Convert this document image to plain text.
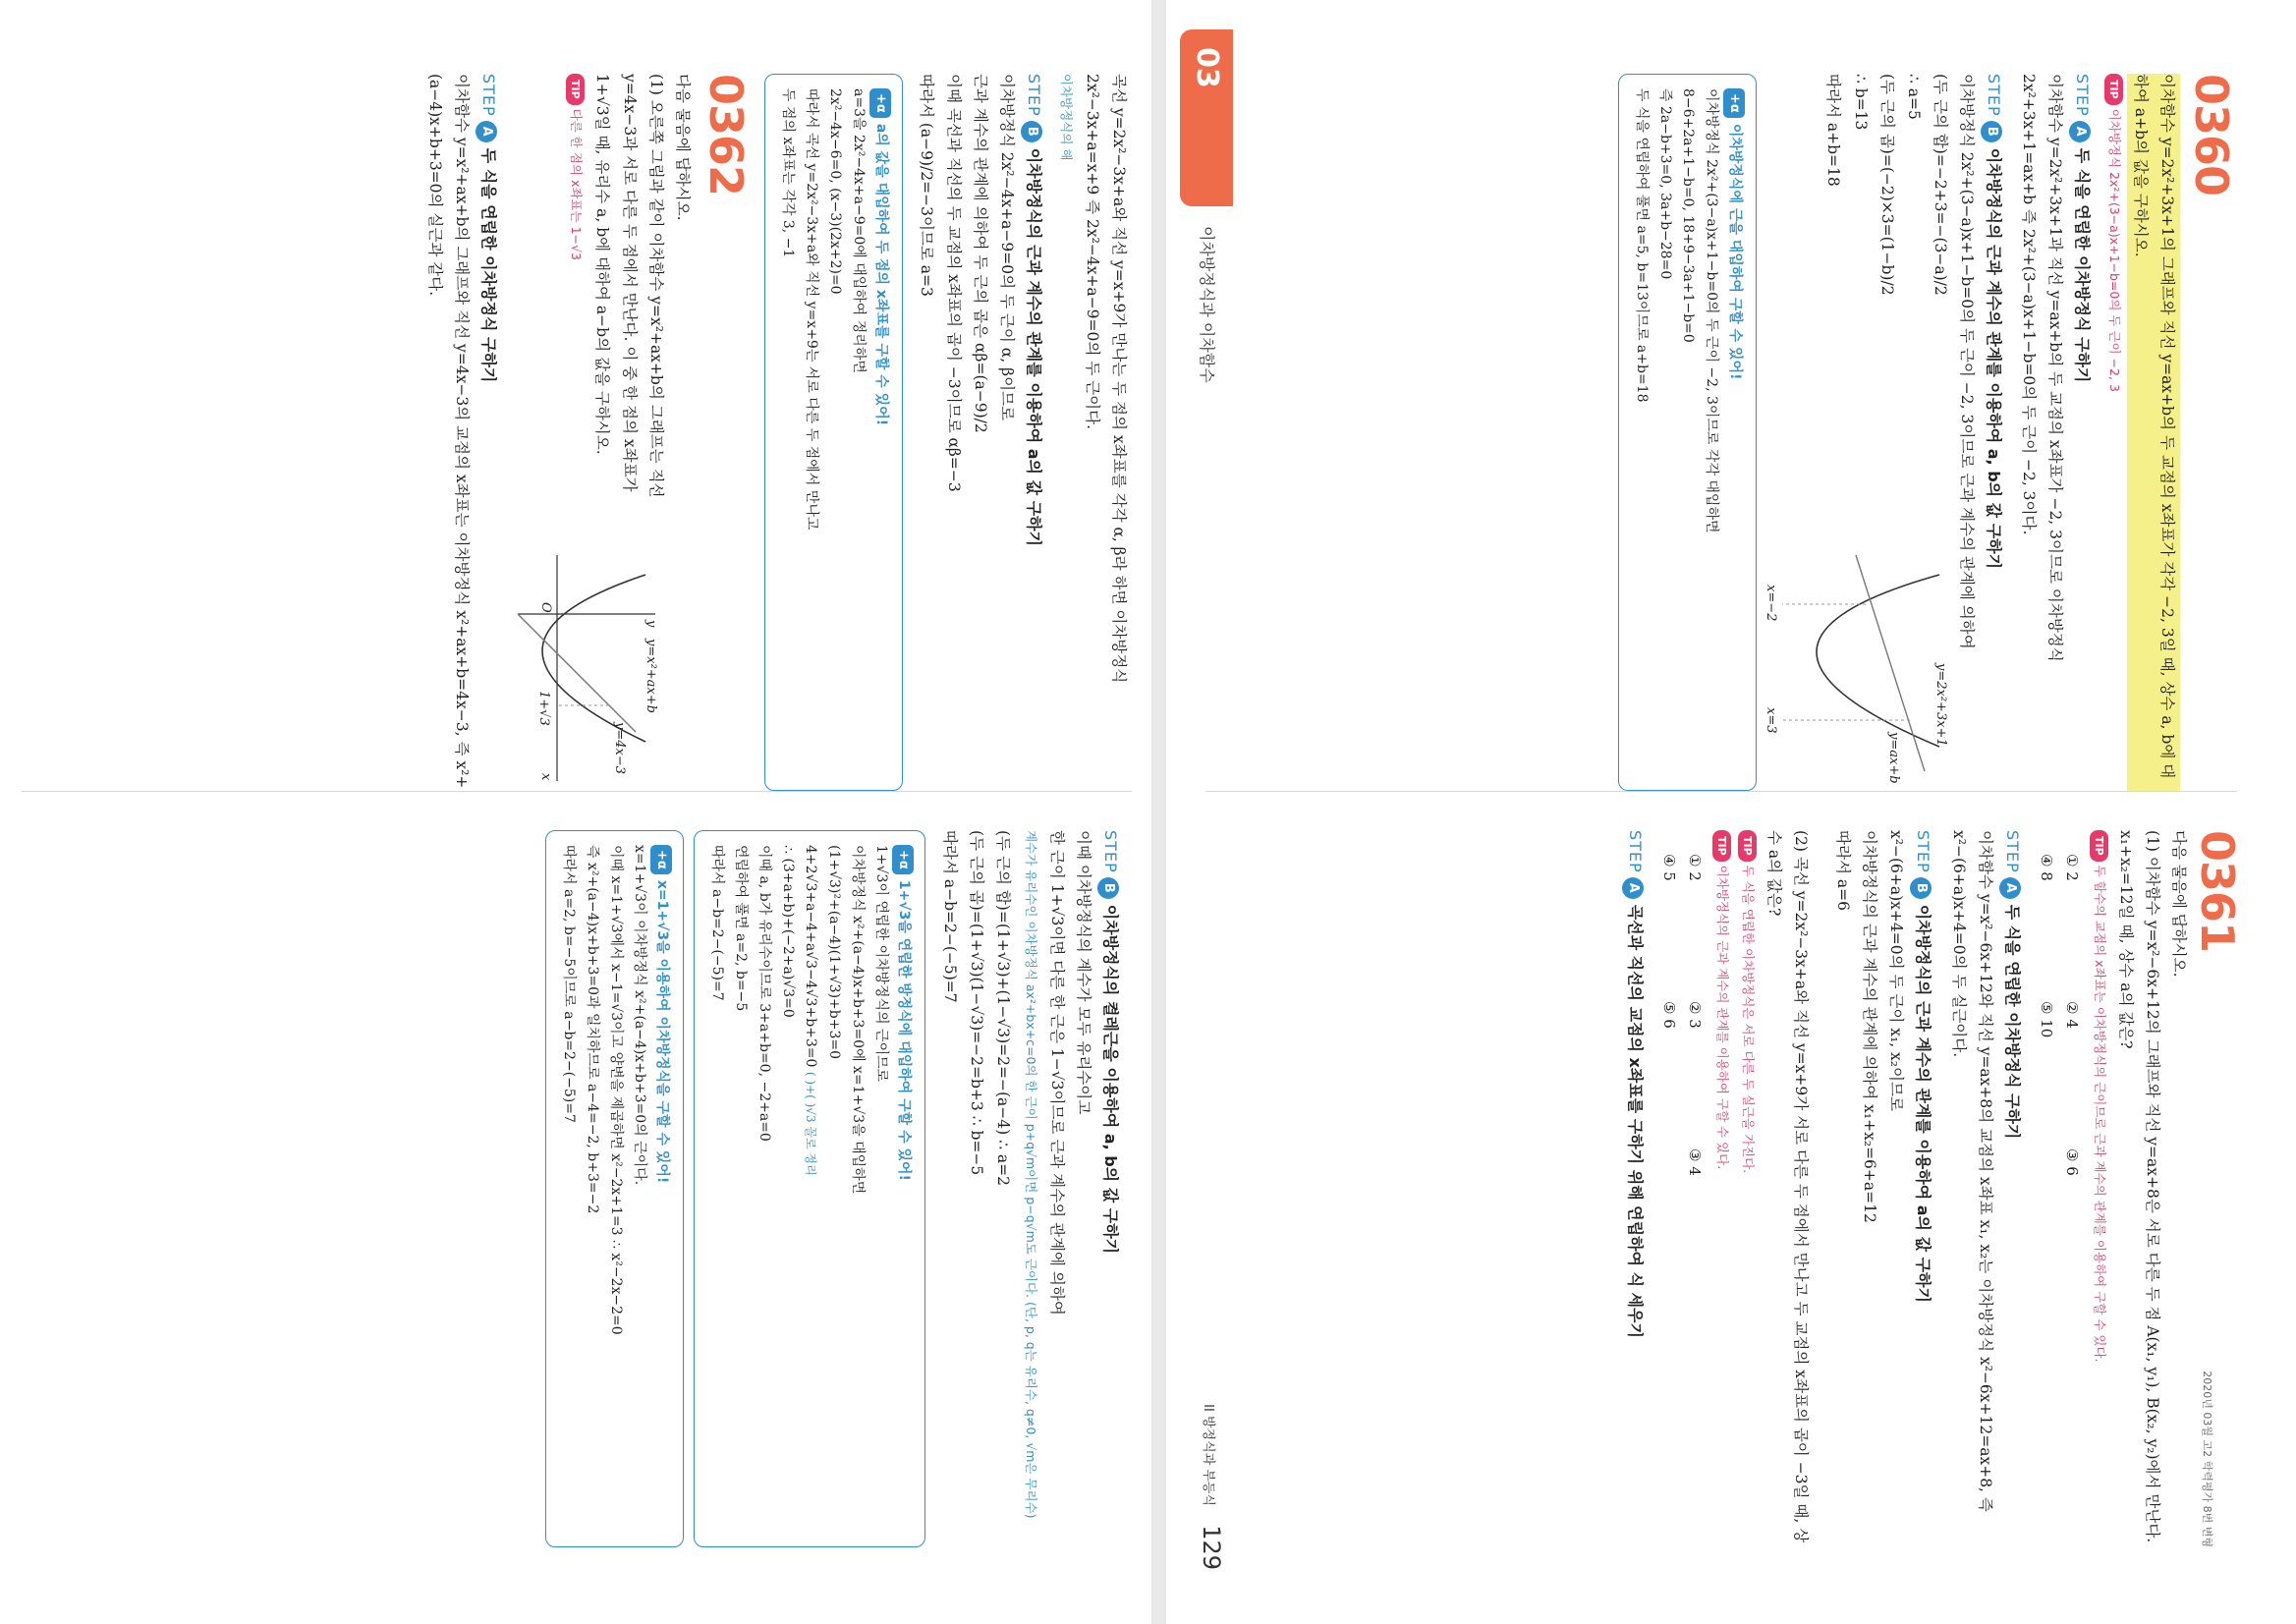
0360

이차함수 y=2x²+3x+1의 그래프와 직선 y=ax+b의 두 교점의 x좌표가 각각 −2, 3일 때, 상수 a, b에 대하여 a+b의 값을 구하시오.

TIP이차방정식 2x²+(3−a)x+1−b=0의 두 근이 −2, 3
STEPA두 식을 연립한 이차방정식 구하기

이차함수 y=2x²+3x+1과 직선 y=ax+b의 두 교점의 x좌표가 −2, 3이므로 이차방정식 2x²+3x+1=ax+b 즉 2x²+(3−a)x+1−b=0의 두 근이 −2, 3이다.

STEPB이차방정식의 근과 계수의 관계를 이용하여 a, b의 값 구하기

이차방정식 2x²+(3−a)x+1−b=0의 두 근이 −2, 3이므로 근과 계수의 관계에 의하여

y=2x²+3x+1
y=ax+b
x=−2
x=3

(두 근의 합)=−2+3=−(3−a)/2

∴ a=5

(두 근의 곱)=(−2)×3=(1−b)/2

∴ b=13

따라서 a+b=18

+α이차방정식에 근을 대입하여 구할 수 있어!

이차방정식 2x²+(3−a)x+1−b=0의 두 근이 −2, 3이므로 각각 대입하면

8−6+2a+1−b=0, 18+9−3a+1−b=0

즉 2a−b+3=0, 3a+b−28=0

두 식을 연립하여 풀면 a=5, b=13이므로 a+b=18

0361
2020년 03월 고2 학력평가 8번 변형

다음 물음에 답하시오.

(1) 이차함수 y=x²−6x+12의 그래프와 직선 y=ax+8은 서로 다른 두 점 A(x₁, y₁), B(x₂, y₂)에서 만난다. x₁+x₂=12일 때, 상수 a의 값은?

TIP두 함수의 교점의 x좌표는 이차방정식의 근이므로 근과 계수의 관계를 이용하여 구할 수 있다.
① 2② 4③ 6
④ 8⑤ 10
STEPA두 식을 연립한 이차방정식 구하기

이차함수 y=x²−6x+12와 직선 y=ax+8의 교점의 x좌표 x₁, x₂는 이차방정식 x²−6x+12=ax+8, 즉 x²−(6+a)x+4=0의 두 실근이다.

STEPB이차방정식의 근과 계수의 관계를 이용하여 a의 값 구하기

x²−(6+a)x+4=0의 두 근이 x₁, x₂이므로

이차방정식의 근과 계수의 관계에 의하여 x₁+x₂=6+a=12

따라서 a=6

(2) 곡선 y=2x²−3x+a와 직선 y=x+9가 서로 다른 두 점에서 만나고 두 교점의 x좌표의 곱이 −3일 때, 상수 a의 값은?

TIP두 식을 연립한 이차방정식은 서로 다른 두 실근을 가진다.
TIP이차방정식의 근과 계수의 관계를 이용하여 구할 수 있다.
① 2② 3③ 4
④ 5⑤ 6
STEPA곡선과 직선의 교점의 x좌표를 구하기 위해 연립하여 식 세우기
03
이차방정식과 이차함수
II 방정식과 부등식
129

곡선 y=2x²−3x+a와 직선 y=x+9가 만나는 두 점의 x좌표를 각각 α, β라 하면 이차방정식 2x²−3x+a=x+9 즉 2x²−4x+a−9=0의 두 근이다.

이차방정식의 해
STEPB이차방정식의 근과 계수의 관계를 이용하여 a의 값 구하기

이차방정식 2x²−4x+a−9=0의 두 근이 α, β이므로

근과 계수의 관계에 의하여 두 근의 곱은 αβ=(a−9)/2

이때 곡선과 직선의 두 교점의 x좌표의 곱이 −3이므로 αβ=−3

따라서 (a−9)/2=−3이므로 a=3

+αa의 값을 대입하여 두 점의 x좌표를 구할 수 있어!

a=3을 2x²−4x+a−9=0에 대입하여 정리하면

2x²−4x−6=0, (x−3)(2x+2)=0

따라서 곡선 y=2x²−3x+a와 직선 y=x+9는 서로 다른 두 점에서 만나고

두 점의 x좌표는 각각 3, −1

0362

다음 물음에 답하시오.

y=x²+ax+b
y=4x−3
O
1+√3
x
y

(1) 오른쪽 그림과 같이 이차함수 y=x²+ax+b의 그래프는 직선 y=4x−3과 서로 다른 두 점에서 만난다. 이 중 한 점의 x좌표가 1+√3일 때, 유리수 a, b에 대하여 a−b의 값을 구하시오.

TIP다른 한 점의 x좌표는 1−√3
STEPA두 식을 연립한 이차방정식 구하기

이차함수 y=x²+ax+b의 그래프와 직선 y=4x−3의 교점의 x좌표는 이차방정식 x²+ax+b=4x−3, 즉 x²+(a−4)x+b+3=0의 실근과 같다.

STEPB이차방정식의 켤레근을 이용하여 a, b의 값 구하기

이때 이차방정식의 계수가 모두 유리수이고

한 근이 1+√3이면 다른 한 근은 1−√3이므로 근과 계수의 관계에 의하여

계수가 유리수인 이차방정식 ax²+bx+c=0의 한 근이 p+q√m이면 p−q√m도 근이다. (단, p, q는 유리수, q≠0, √m은 무리수)

(두 근의 합)=(1+√3)+(1−√3)=2=−(a−4) ∴ a=2

(두 근의 곱)=(1+√3)(1−√3)=−2=b+3 ∴ b=−5

따라서 a−b=2−(−5)=7

+α1+√3을 연립한 방정식에 대입하여 구할 수 있어!

1+√3이 연립한 이차방정식의 근이므로

이차방정식 x²+(a−4)x+b+3=0에 x=1+√3을 대입하면

(1+√3)²+(a−4)(1+√3)+b+3=0

4+2√3+a−4+a√3−4√3+b+3=0 ( )+( )√3 꼴로 정리

∴ (3+a+b)+(−2+a)√3=0

이때 a, b가 유리수이므로 3+a+b=0, −2+a=0

연립하여 풀면 a=2, b=−5

따라서 a−b=2−(−5)=7

+αx=1+√3을 이용하여 이차방정식을 구할 수 있어!

x=1+√3이 이차방정식 x²+(a−4)x+b+3=0의 근이다.

이때 x=1+√3에서 x−1=√3이고 양변을 제곱하면 x²−2x+1=3 ∴ x²−2x−2=0

즉 x²+(a−4)x+b+3=0과 일치하므로 a−4=−2, b+3=−2

따라서 a=2, b=−5이므로 a−b=2−(−5)=7
